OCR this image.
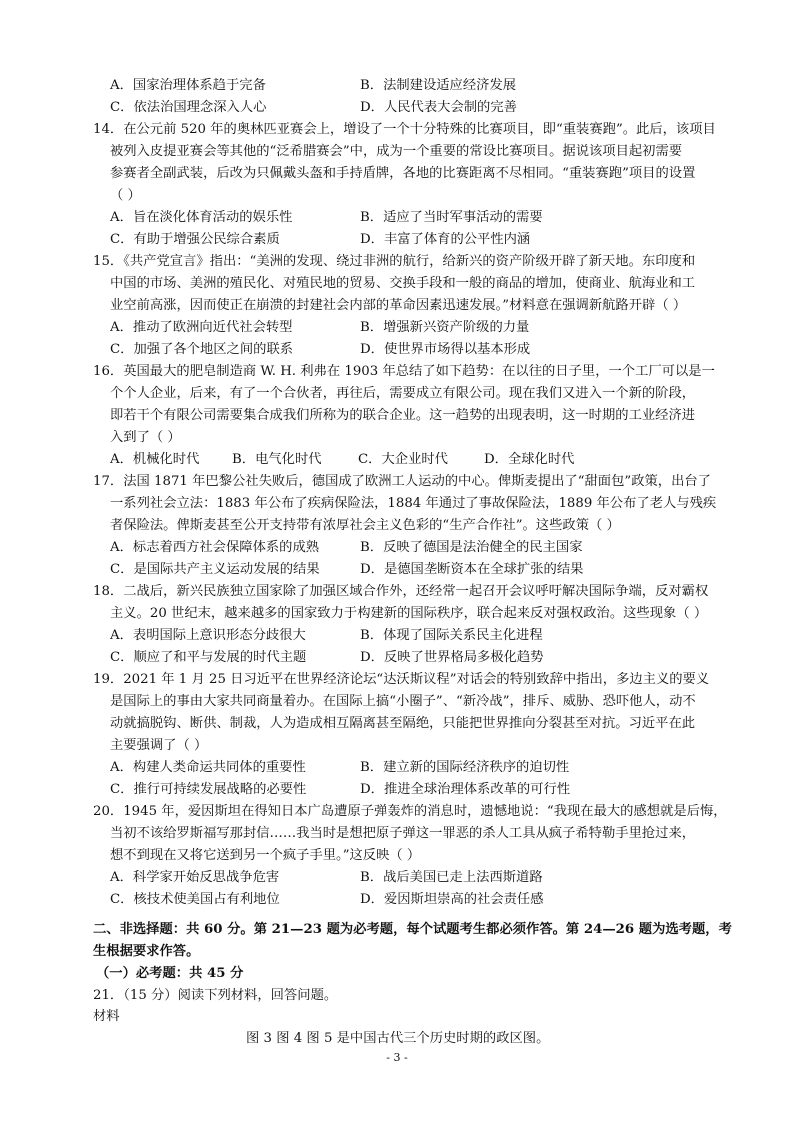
A．国家治理体系趋于完备	B．法制建设适应经济发展
C．依法治国理念深入人心	D．人民代表大会制的完善
14．在公元前 520 年的奥林匹亚赛会上，增设了一个十分特殊的比赛项目，即“重装赛跑”。此后，该项目
被列入皮提亚赛会等其他的“泛希腊赛会”中，成为一个重要的常设比赛项目。据说该项目起初需要
参赛者全副武装，后改为只佩戴头盔和手持盾牌，各地的比赛距离不尽相同。“重装赛跑”项目的设置
（ ）
A．旨在淡化体育活动的娱乐性	B．适应了当时军事活动的需要
C．有助于增强公民综合素质	D．丰富了体育的公平性内涵
15．《共产党宣言》指出：“美洲的发现、绕过非洲的航行，给新兴的资产阶级开辟了新天地。东印度和
中国的市场、美洲的殖民化、对殖民地的贸易、交换手段和一般的商品的增加，使商业、航海业和工
业空前高涨，因而使正在崩溃的封建社会内部的革命因素迅速发展。”材料意在强调新航路开辟（ ）
A．推动了欧洲向近代社会转型	B．增强新兴资产阶级的力量
C．加强了各个地区之间的联系	D．使世界市场得以基本形成
16．英国最大的肥皂制造商 W. H. 利弗在 1903 年总结了如下趋势：在以往的日子里，一个工厂可以是一
个个人企业，后来，有了一个合伙者，再往后，需要成立有限公司。现在我们又进入一个新的阶段，
即若干个有限公司需要集合成我们所称为的联合企业。这一趋势的出现表明，这一时期的工业经济进
入到了（ ）
A．机械化时代 B．电气化时代	C．大企业时代	D．全球化时代
17．法国 1871 年巴黎公社失败后，德国成了欧洲工人运动的中心。俾斯麦提出了“甜面包”政策，出台了
一系列社会立法：1883 年公布了疾病保险法，1884 年通过了事故保险法，1889 年公布了老人与残疾
者保险法。俾斯麦甚至公开支持带有浓厚社会主义色彩的“生产合作社”。这些政策（ ）
A．标志着西方社会保障体系的成熟	B．反映了德国是法治健全的民主国家
C．是国际共产主义运动发展的结果	D．是德国垄断资本在全球扩张的结果
18．二战后，新兴民族独立国家除了加强区域合作外，还经常一起召开会议呼吁解决国际争端，反对霸权
主义。20 世纪末，越来越多的国家致力于构建新的国际秩序，联合起来反对强权政治。这些现象（ ）
A．表明国际上意识形态分歧很大	B．体现了国际关系民主化进程
C．顺应了和平与发展的时代主题	D．反映了世界格局多极化趋势
19．2021 年 1 月 25 日习近平在世界经济论坛“达沃斯议程”对话会的特别致辞中指出，多边主义的要义
是国际上的事由大家共同商量着办。在国际上搞“小圈子”、“新冷战”，排斥、威胁、恐吓他人，动不
动就搞脱钩、断供、制裁，人为造成相互隔离甚至隔绝，只能把世界推向分裂甚至对抗。习近平在此
主要强调了（ ）
A．构建人类命运共同体的重要性	B．建立新的国际经济秩序的迫切性
C．推行可持续发展战略的必要性	D．推进全球治理体系改革的可行性
20．1945 年，爱因斯坦在得知日本广岛遭原子弹轰炸的消息时，遗憾地说：“我现在最大的感想就是后悔，
当初不该给罗斯福写那封信……我当时是想把原子弹这一罪恶的杀人工具从疯子希特勒手里抢过来，
想不到现在又将它送到另一个疯子手里。”这反映（ ）
A．科学家开始反思战争危害	B．战后美国已走上法西斯道路
C．核技术使美国占有利地位	D．爱因斯坦崇高的社会责任感
二、非选择题：共 60 分。第 21—23 题为必考题，每个试题考生都必须作答。第 24—26 题为选考题，考
生根据要求作答。
（一）必考题：共 45 分
21．（15 分）阅读下列材料，回答问题。
材料
图 3 图 4 图 5 是中国古代三个历史时期的政区图。
- 3 -
